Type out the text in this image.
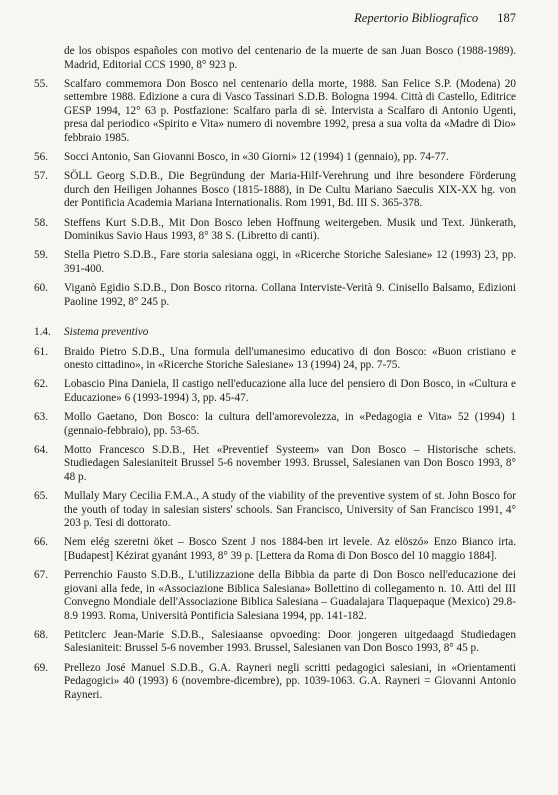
Repertorio Bibliografico 187
de los obispos españoles con motivo del centenario de la muerte de san Juan Bosco (1988-1989). Madrid, Editorial CCS 1990, 8° 923 p.
55.	Scalfaro commemora Don Bosco nel centenario della morte, 1988. San Felice S.P. (Modena) 20 settembre 1988. Edizione a cura di Vasco Tassinari S.D.B. Bologna 1994. Città di Castello, Editrice GESP 1994, 12° 63 p. Postfazione: Scalfaro parla di sè. Intervista a Scalfaro di Antonio Ugenti, presa dal periodico «Spirito e Vita» numero di novembre 1992, presa a sua volta da «Madre di Dio» febbraio 1985.
56.	Socci Antonio, San Giovanni Bosco, in «30 Giorni» 12 (1994) 1 (gennaio), pp. 74-77.
57.	SÖLL Georg S.D.B., Die Begründung der Maria-Hilf-Verehrung und ihre besondere Förderung durch den Heiligen Johannes Bosco (1815-1888), in De Cultu Mariano Saeculis XIX-XX hg. von der Pontificia Academia Mariana Internationalis. Rom 1991, Bd. III S. 365-378.
58.	Steffens Kurt S.D.B., Mit Don Bosco leben Hoffnung weitergeben. Musik und Text. Jünkerath, Dominikus Savio Haus 1993, 8° 38 S. (Libretto di canti).
59.	Stella Pietro S.D.B., Fare storia salesiana oggi, in «Ricerche Storiche Salesiane» 12 (1993) 23, pp. 391-400.
60.	Viganò Egidio S.D.B., Don Bosco ritorna. Collana Interviste-Verità 9. Cinisello Balsamo, Edizioni Paoline 1992, 8° 245 p.
1.4.	Sistema preventivo
61.	Braido Pietro S.D.B., Una formula dell'umanesimo educativo di don Bosco: «Buon cristiano e onesto cittadino», in «Ricerche Storiche Salesiane» 13 (1994) 24, pp. 7-75.
62.	Lobascio Pina Daniela, Il castigo nell'educazione alla luce del pensiero di Don Bosco, in «Cultura e Educazione» 6 (1993-1994) 3, pp. 45-47.
63.	Mollo Gaetano, Don Bosco: la cultura dell'amorevolezza, in «Pedagogia e Vita» 52 (1994) 1 (gennaio-febbraio), pp. 53-65.
64.	Motto Francesco S.D.B., Het «Preventief Systeem» van Don Bosco – Historische schets. Studiedagen Salesianiteit Brussel 5-6 november 1993. Brussel, Salesianen van Don Bosco 1993, 8° 48 p.
65.	Mullaly Mary Cecilia F.M.A., A study of the viability of the preventive system of st. John Bosco for the youth of today in salesian sisters' schools. San Francisco, University of San Francisco 1991, 4° 203 p. Tesi di dottorato.
66.	Nem elég szeretni öket – Bosco Szent J nos 1884-ben irt levele. Az elöszó» Enzo Bianco irta. [Budapest] Kézirat gyanánt 1993, 8° 39 p. [Lettera da Roma di Don Bosco del 10 maggio 1884].
67.	Perrenchio Fausto S.D.B., L'utilizzazione della Bibbia da parte di Don Bosco nell'educazione dei giovani alla fede, in «Associazione Biblica Salesiana» Bollettino di collegamento n. 10. Atti del III Convegno Mondiale dell'Associazione Biblica Salesiana – Guadalajara Tlaquepaque (Mexico) 29.8-8.9 1993. Roma, Università Pontificia Salesiana 1994, pp. 141-182.
68.	Petitclerc Jean-Marie S.D.B., Salesiaanse opvoeding: Door jongeren uitgedaagd Studiedagen Salesianiteit: Brussel 5-6 november 1993. Brussel, Salesianen van Don Bosco 1993, 8° 45 p.
69.	Prellezo José Manuel S.D.B., G.A. Rayneri negli scritti pedagogici salesiani, in «Orientamenti Pedagogici» 40 (1993) 6 (novembre-dicembre), pp. 1039-1063. G.A. Rayneri = Giovanni Antonio Rayneri.
